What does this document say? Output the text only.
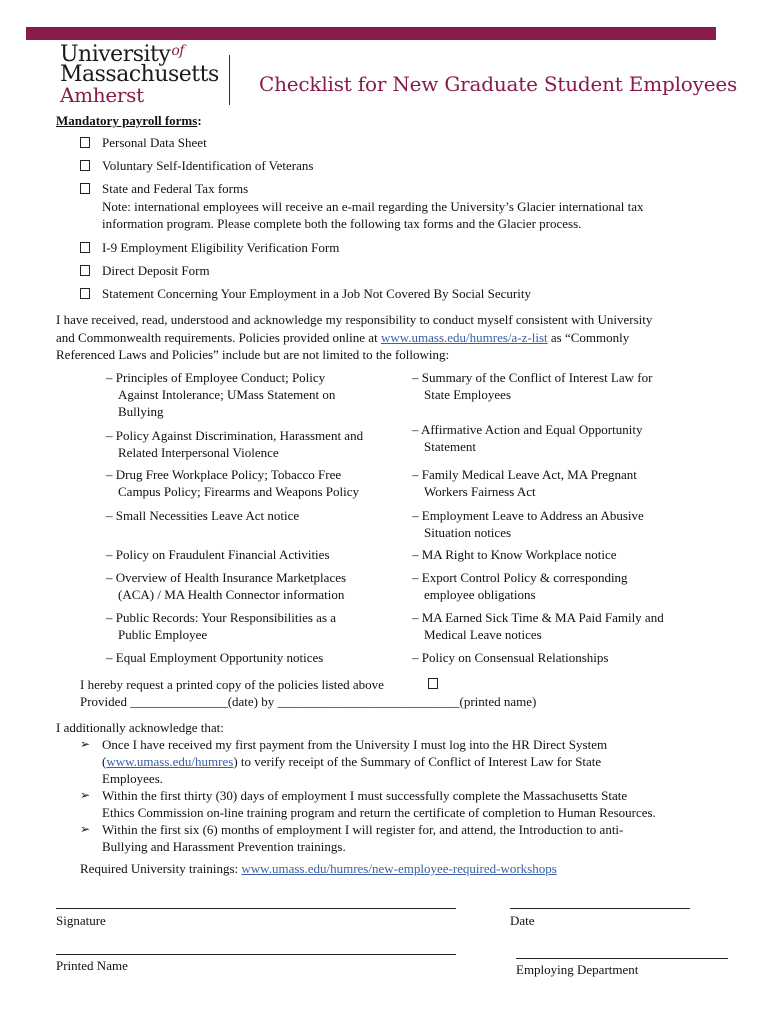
University$^{of}$
Massachusetts
Amherst	Checklist for New Graduate Student Employees
Mandatory payroll forms:
Personal Data Sheet
Voluntary Self-Identification of Veterans
State and Federal Tax forms
Note: international employees will receive an e-mail regarding the University’s Glacier international tax
information program. Please complete both the following tax forms and the Glacier process.
I-9 Employment Eligibility Verification Form
Direct Deposit Form
Statement Concerning Your Employment in a Job Not Covered By Social Security
I have received, read, understood and acknowledge my responsibility to conduct myself consistent with University
and Commonwealth requirements. Policies provided online at www.umass.edu/humres/a-z-list as “Commonly
Referenced Laws and Policies” include but are not limited to the following:
– Principles of Employee Conduct; Policy
Against Intolerance; UMass Statement on
Bullying
– Policy Against Discrimination, Harassment and
Related Interpersonal Violence
– Drug Free Workplace Policy; Tobacco Free
Campus Policy; Firearms and Weapons Policy
– Small Necessities Leave Act notice
– Policy on Fraudulent Financial Activities
– Overview of Health Insurance Marketplaces
(ACA) / MA Health Connector information
– Public Records: Your Responsibilities as a
Public Employee
– Equal Employment Opportunity notices
– Summary of the Conflict of Interest Law for
State Employees
– Affirmative Action and Equal Opportunity
Statement
– Family Medical Leave Act, MA Pregnant
Workers Fairness Act
– Employment Leave to Address an Abusive
Situation notices
– MA Right to Know Workplace notice
– Export Control Policy & corresponding
employee obligations
– MA Earned Sick Time & MA Paid Family and
Medical Leave notices
– Policy on Consensual Relationships
I hereby request a printed copy of the policies listed above
Provided _______________(date) by ____________________________(printed name)
I additionally acknowledge that:
➢ Once I have received my first payment from the University I must log into the HR Direct System
(www.umass.edu/humres) to verify receipt of the Summary of Conflict of Interest Law for State
Employees.
➢ Within the first thirty (30) days of employment I must successfully complete the Massachusetts State
Ethics Commission on-line training program and return the certificate of completion to Human Resources.
➢ Within the first six (6) months of employment I will register for, and attend, the Introduction to anti-
Bullying and Harassment Prevention trainings.
Required University trainings: www.umass.edu/humres/new-employee-required-workshops
Signature	Date
Printed Name	Employing Department
